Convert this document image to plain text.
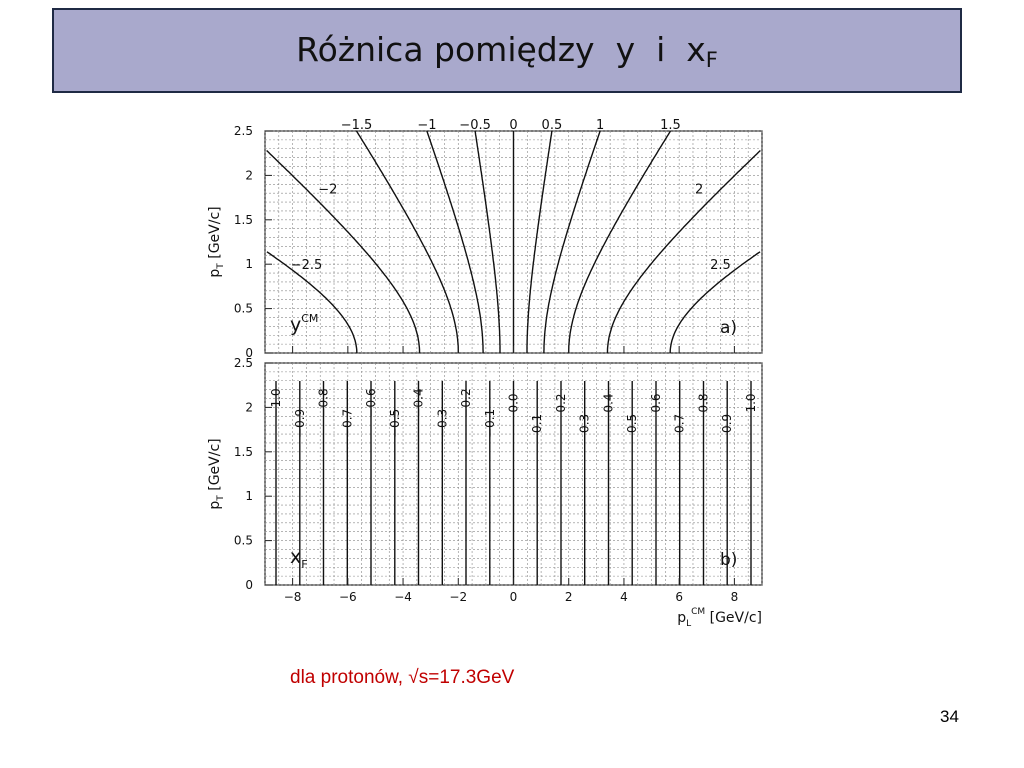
Różnica pomiędzy  y  i  $x_F$
0
0.5
1
1.5
2
2.5
$p_T$ [GeV/c]
a)
$y^{CM}$
0
0.5
1
1.5
2
2.5
$p_T$ [GeV/c]
b)
$x_F$
−2.5
−2
−1.5	−1 −0.5 0 0.5	1	1.5
2
2.5
−1.0
−0.9
−0.8
−0.7
−0.6
−0.5
−0.4
−0.3
−0.2
−0.1
0.0
0.1
0.2
0.3
0.4
0.5
0.6
0.7
0.8
0.9
1.0
−8	−6	−4	−2	0	2	4	6	8
$p_L^{CM}$ [GeV/c]
dla protonów, √s=17.3GeV
34
